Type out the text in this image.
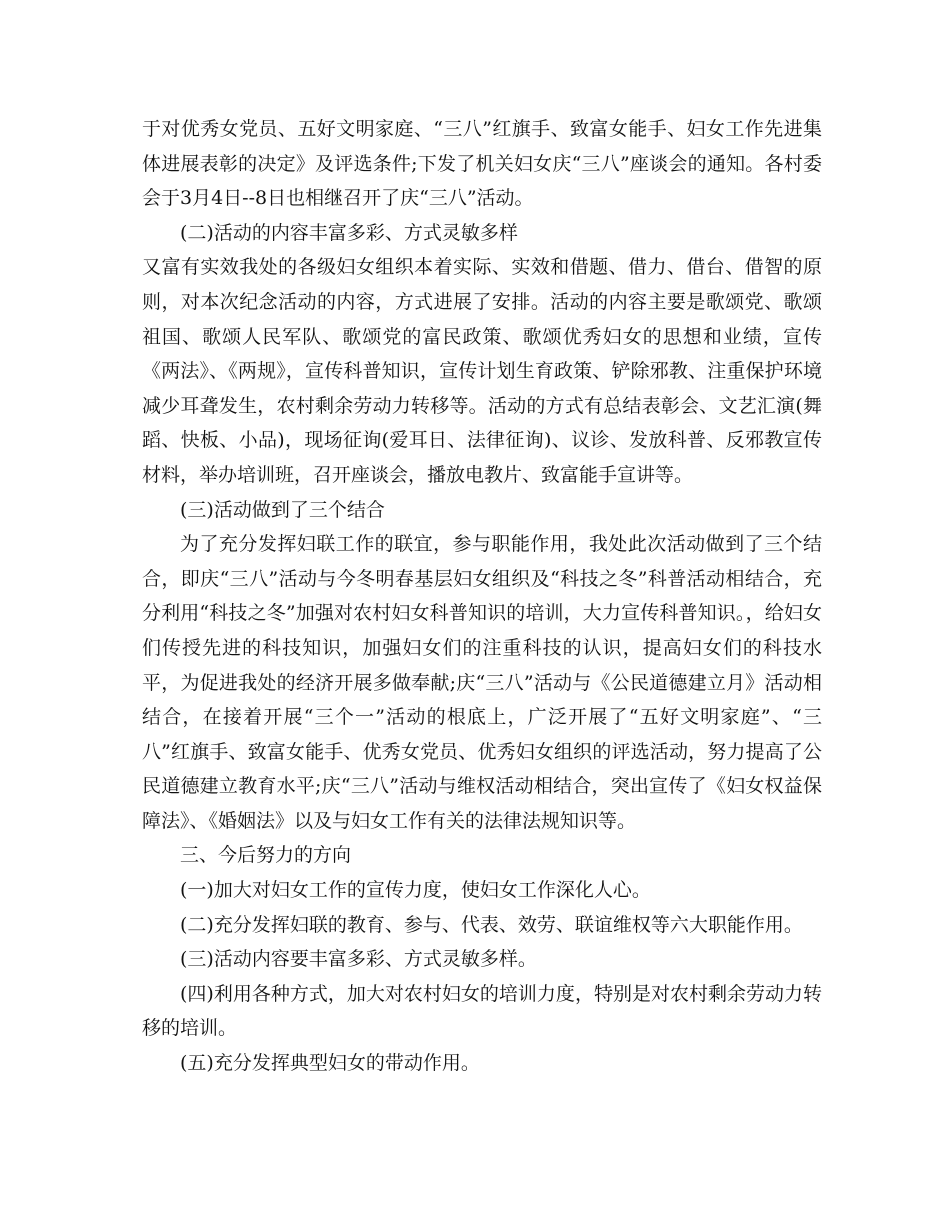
于对优秀女党员、五好文明家庭、“三八”红旗手、致富女能手、妇女工作先进集体进展表彰的决定》及评选条件;下发了机关妇女庆“三八”座谈会的通知。各村委会于3月4日--8日也相继召开了庆“三八”活动。

(二)活动的内容丰富多彩、方式灵敏多样

又富有实效我处的各级妇女组织本着实际、实效和借题、借力、借台、借智的原则，对本次纪念活动的内容，方式进展了安排。活动的内容主要是歌颂党、歌颂祖国、歌颂人民军队、歌颂党的富民政策、歌颂优秀妇女的思想和业绩，宣传《两法》、《两规》，宣传科普知识，宣传计划生育政策、铲除邪教、注重保护环境减少耳聋发生，农村剩余劳动力转移等。活动的方式有总结表彰会、文艺汇演(舞蹈、快板、小品)，现场征询(爱耳日、法律征询)、议诊、发放科普、反邪教宣传材料，举办培训班，召开座谈会，播放电教片、致富能手宣讲等。

(三)活动做到了三个结合

为了充分发挥妇联工作的联宜，参与职能作用，我处此次活动做到了三个结合，即庆“三八”活动与今冬明春基层妇女组织及“科技之冬”科普活动相结合，充分利用“科技之冬”加强对农村妇女科普知识的培训，大力宣传科普知识。，给妇女们传授先进的科技知识，加强妇女们的注重科技的认识，提高妇女们的科技水平，为促进我处的经济开展多做奉献;庆“三八”活动与《公民道德建立月》活动相结合，在接着开展“三个一”活动的根底上，广泛开展了“五好文明家庭”、“三八”红旗手、致富女能手、优秀女党员、优秀妇女组织的评选活动，努力提高了公民道德建立教育水平;庆“三八”活动与维权活动相结合，突出宣传了《妇女权益保障法》、《婚姻法》以及与妇女工作有关的法律法规知识等。

三、今后努力的方向

(一)加大对妇女工作的宣传力度，使妇女工作深化人心。

(二)充分发挥妇联的教育、参与、代表、效劳、联谊维权等六大职能作用。

(三)活动内容要丰富多彩、方式灵敏多样。

(四)利用各种方式，加大对农村妇女的培训力度，特别是对农村剩余劳动力转移的培训。

(五)充分发挥典型妇女的带动作用。
